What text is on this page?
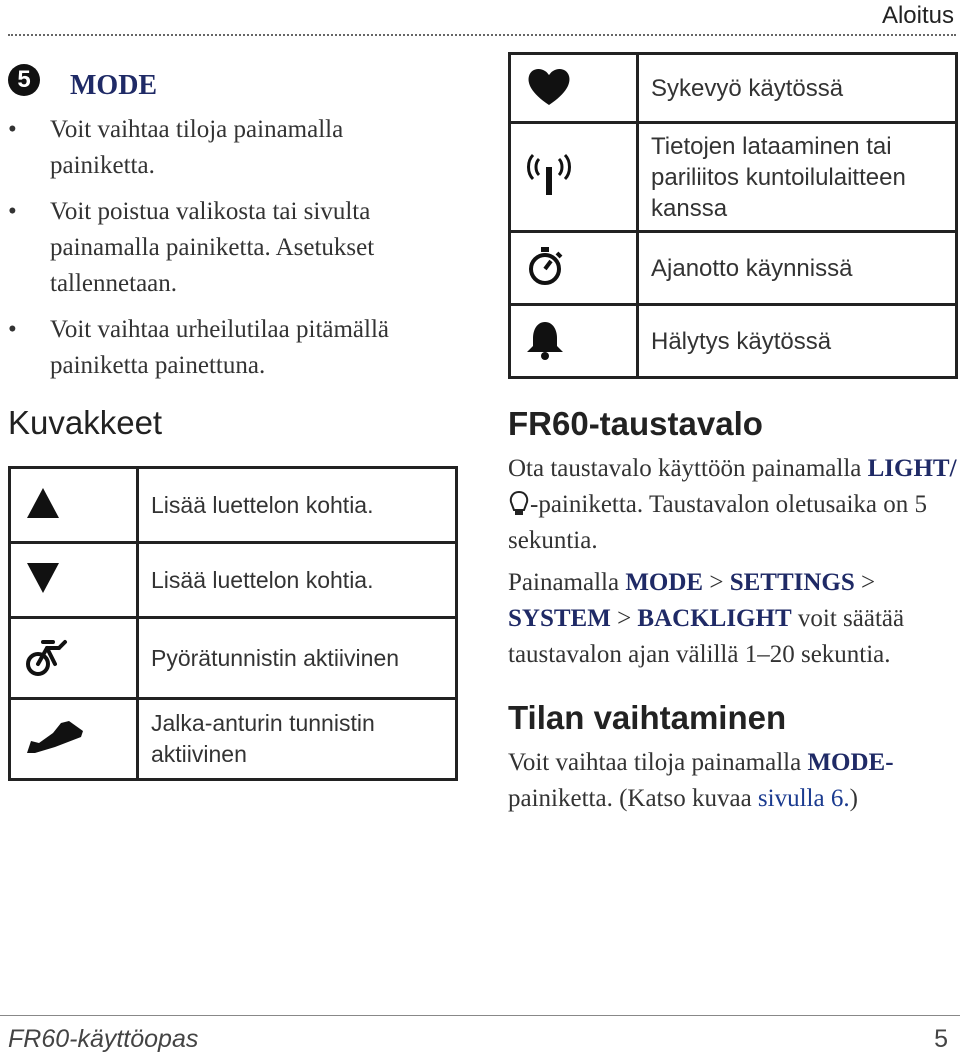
Aloitus
5	MODE
• Voit vaihtaa tiloja painamalla painiketta.
• Voit poistua valikosta tai sivulta painamalla painiketta. Asetukset tallennetaan.
• Voit vaihtaa urheilutilaa pitämällä painiketta painettuna.
Kuvakkeet
	Lisää luettelon kohtia.
	Lisää luettelon kohtia.
	Pyörätunnistin aktiivinen
	Jalka-anturin tunnistin aktiivinen
	Sykevyö käytössä
	Tietojen lataaminen tai pariliitos kuntoilulaitteen kanssa
	Ajanotto käynnissä
	Hälytys käytössä
FR60-taustavalo
Ota taustavalo käyttöön painamalla LIGHT/-painiketta. Taustavalon oletusaika on 5 sekuntia.
Painamalla MODE > SETTINGS > SYSTEM > BACKLIGHT voit säätää taustavalon ajan välillä 1–20 sekuntia.
Tilan vaihtaminen
Voit vaihtaa tiloja painamalla MODE-
painiketta. (Katso kuvaa sivulla 6.)
FR60-käyttöopas	5
